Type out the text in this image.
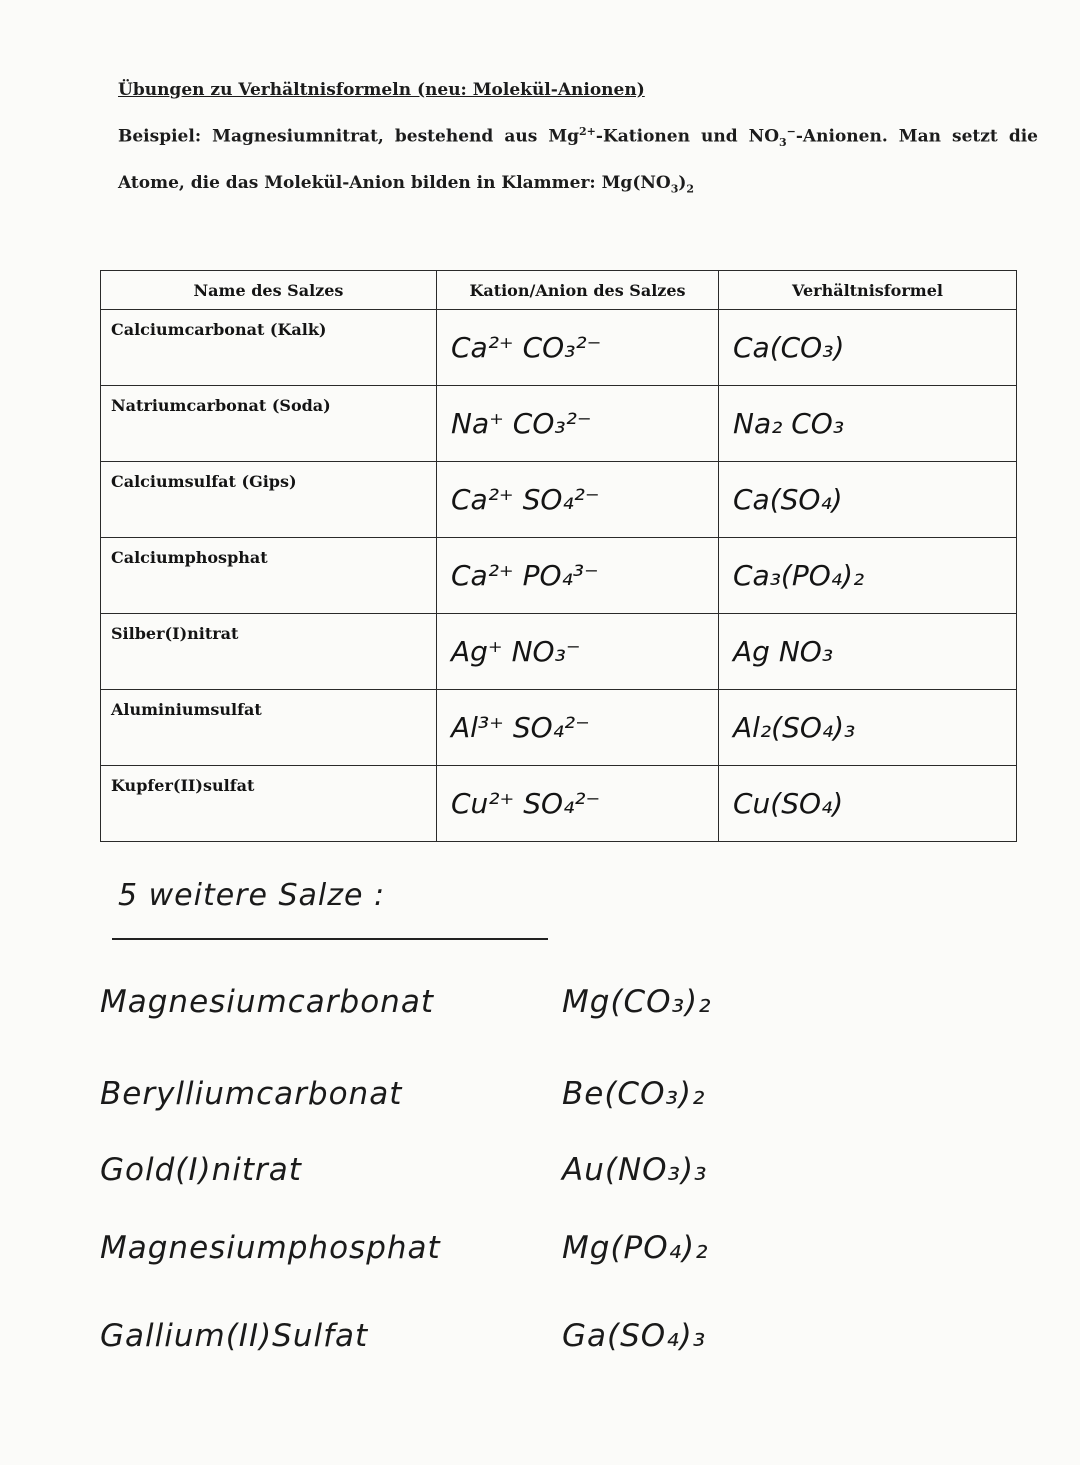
Übungen zu Verhältnisformeln (neu: Molekül-Anionen)

Beispiel: Magnesiumnitrat, bestehend aus $Mg^{2+}$-Kationen und $NO_3^-$-Anionen. Man setzt die Atome, die das Molekül-Anion bilden in Klammer: $Mg(NO_3)_2$

Name des Salzes	Kation/Anion des Salzes	Verhältnisformel
Calciumcarbonat (Kalk)	Ca²⁺ CO₃²⁻	Ca(CO₃)
Natriumcarbonat (Soda)	Na⁺ CO₃²⁻	Na₂ CO₃
Calciumsulfat (Gips)	Ca²⁺ SO₄²⁻	Ca(SO₄)
Calciumphosphat	Ca²⁺ PO₄³⁻	Ca₃(PO₄)₂
Silber(I)nitrat	Ag⁺ NO₃⁻	Ag NO₃
Aluminiumsulfat	Al³⁺ SO₄²⁻	Al₂(SO₄)₃
Kupfer(II)sulfat	Cu²⁺ SO₄²⁻	Cu(SO₄)
5 weitere Salze :
Magnesiumcarbonat	Mg(CO₃)₂
Berylliumcarbonat	Be(CO₃)₂
Gold(I)nitrat	Au(NO₃)₃
Magnesiumphosphat	Mg(PO₄)₂
Gallium(II)Sulfat	Ga(SO₄)₃
